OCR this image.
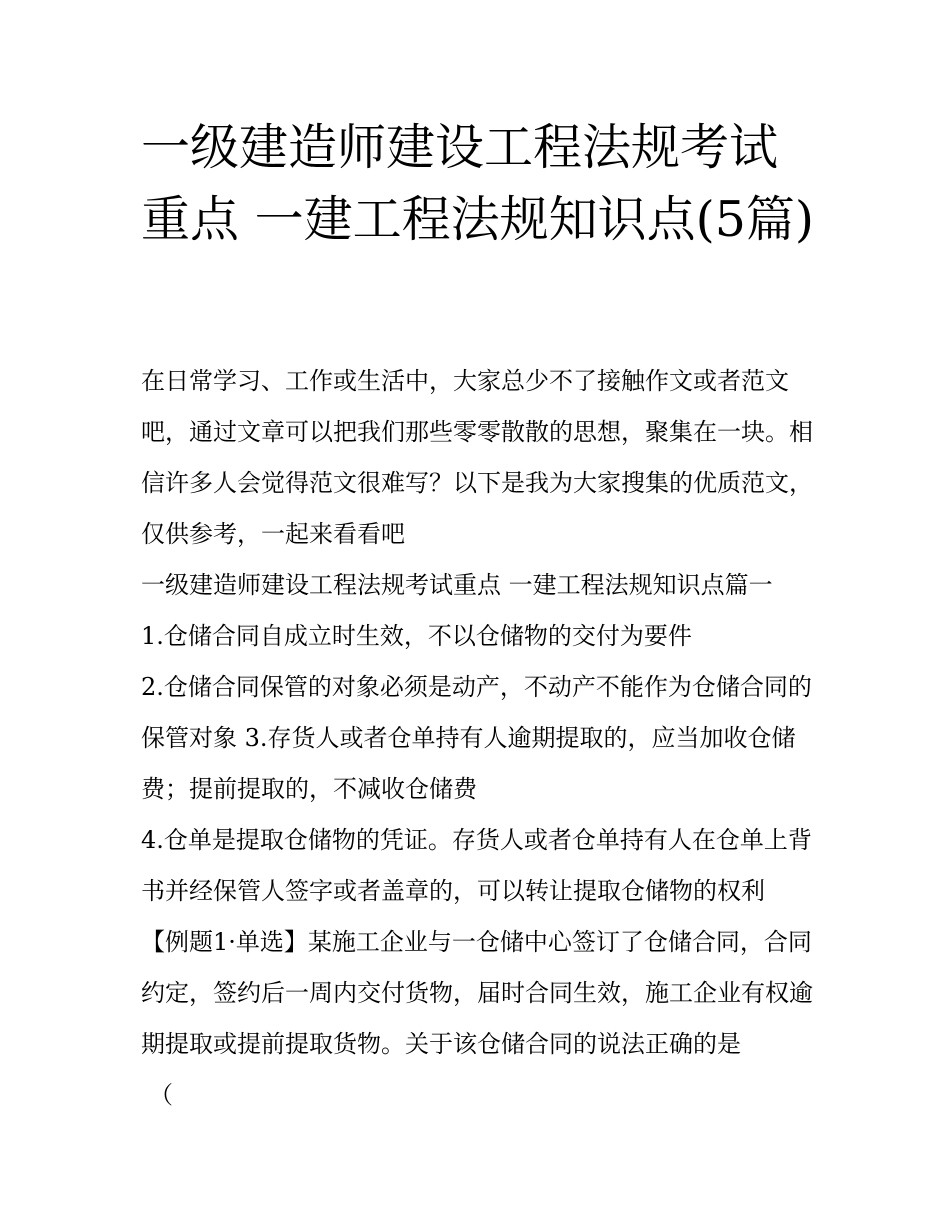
一级建造师建设工程法规考试重点 一建工程法规知识点(5篇)

在日常学习、工作或生活中，大家总少不了接触作文或者范文吧，通过文章可以把我们那些零零散散的思想，聚集在一块。相信许多人会觉得范文很难写？以下是我为大家搜集的优质范文，仅供参考，一起来看看吧

一级建造师建设工程法规考试重点 一建工程法规知识点篇一

1.仓储合同自成立时生效，不以仓储物的交付为要件

2.仓储合同保管的对象必须是动产，不动产不能作为仓储合同的保管对象 3.存货人或者仓单持有人逾期提取的，应当加收仓储费；提前提取的，不减收仓储费

4.仓单是提取仓储物的凭证。存货人或者仓单持有人在仓单上背书并经保管人签字或者盖章的，可以转让提取仓储物的权利

【例题1·单选】某施工企业与一仓储中心签订了仓储合同，合同约定，签约后一周内交付货物，届时合同生效，施工企业有权逾期提取或提前提取货物。关于该仓储合同的说法正确的是

（
